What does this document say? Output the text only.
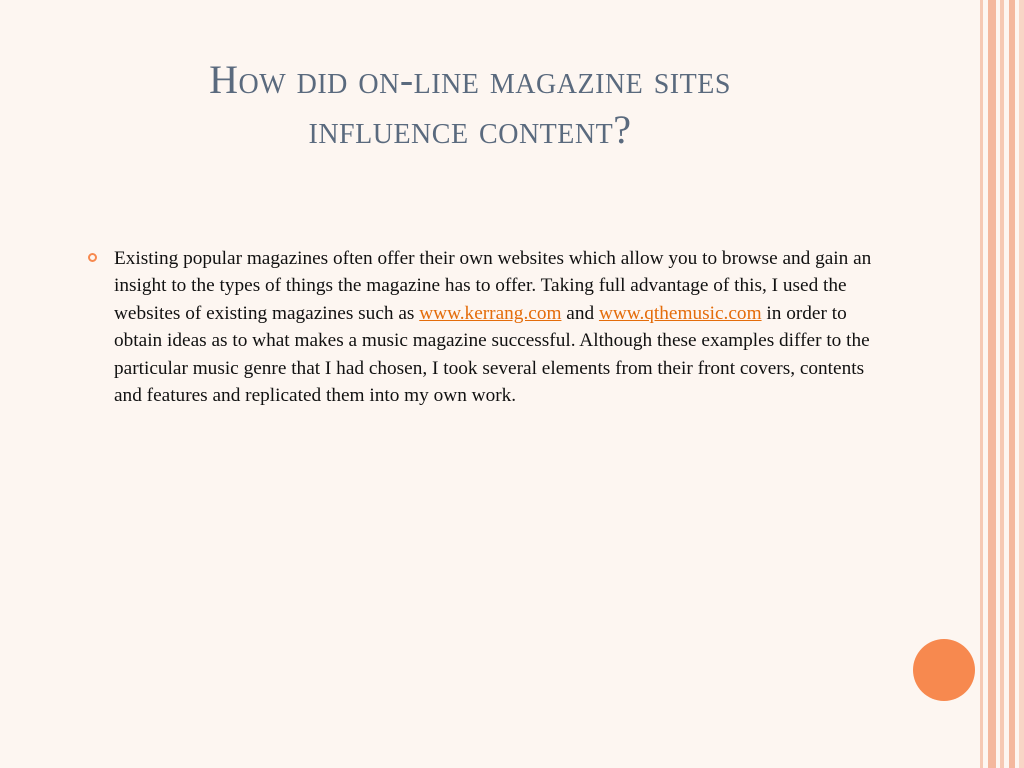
How did on-line magazine sites
influence content?
Existing popular magazines often offer their own websites which allow you to browse and gain an insight to the types of things the magazine has to offer. Taking full advantage of this, I used the websites of existing magazines such as www.kerrang.com and www.qthemusic.com in order to obtain ideas as to what makes a music magazine successful. Although these examples differ to the particular music genre that I had chosen, I took several elements from their front covers, contents and features and replicated them into my own work.
